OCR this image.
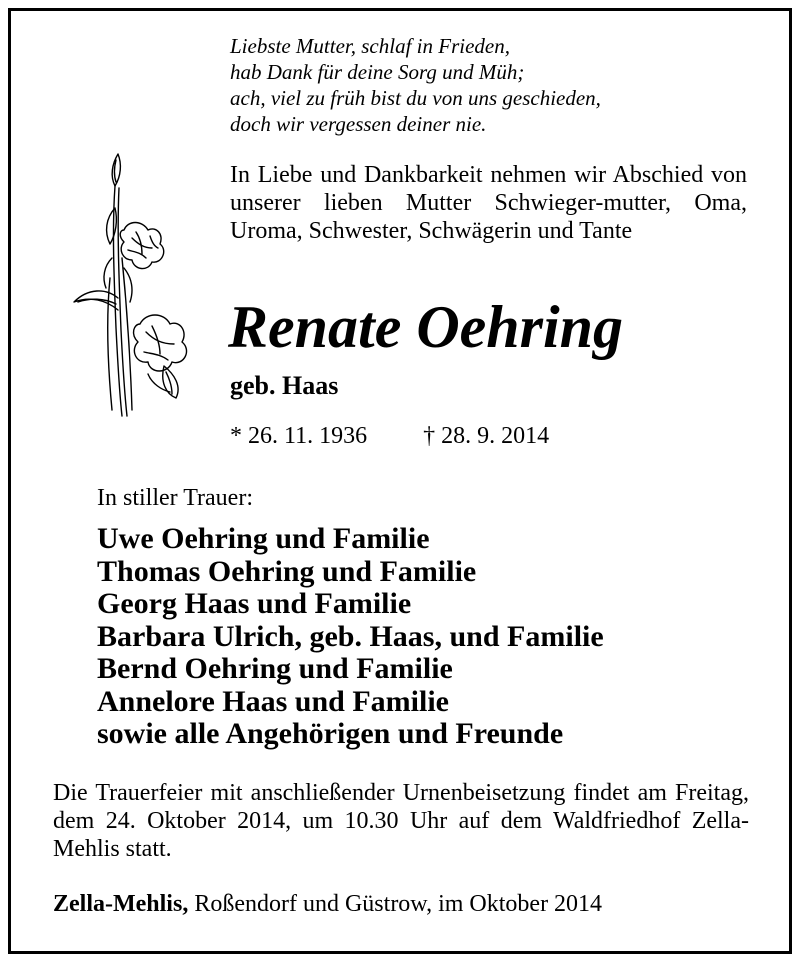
Liebste Mutter, schlaf in Frieden,
hab Dank für deine Sorg und Müh;
ach, viel zu früh bist du von uns geschieden,
doch wir vergessen deiner nie.
In Liebe und Dankbarkeit nehmen wir Abschied von unserer lieben Mutter Schwieger-mutter, Oma, Uroma, Schwester, Schwägerin und Tante
Renate Oehring
geb. Haas
* 26. 11. 1936 † 28. 9. 2014
In stiller Trauer:
Uwe Oehring und Familie
Thomas Oehring und Familie
Georg Haas und Familie
Barbara Ulrich, geb. Haas, und Familie
Bernd Oehring und Familie
Annelore Haas und Familie
sowie alle Angehörigen und Freunde
Die Trauerfeier mit anschließender Urnenbeisetzung findet am Freitag, dem 24. Oktober 2014, um 10.30 Uhr auf dem Waldfriedhof Zella-Mehlis statt.
Zella-Mehlis, Roßendorf und Güstrow, im Oktober 2014
